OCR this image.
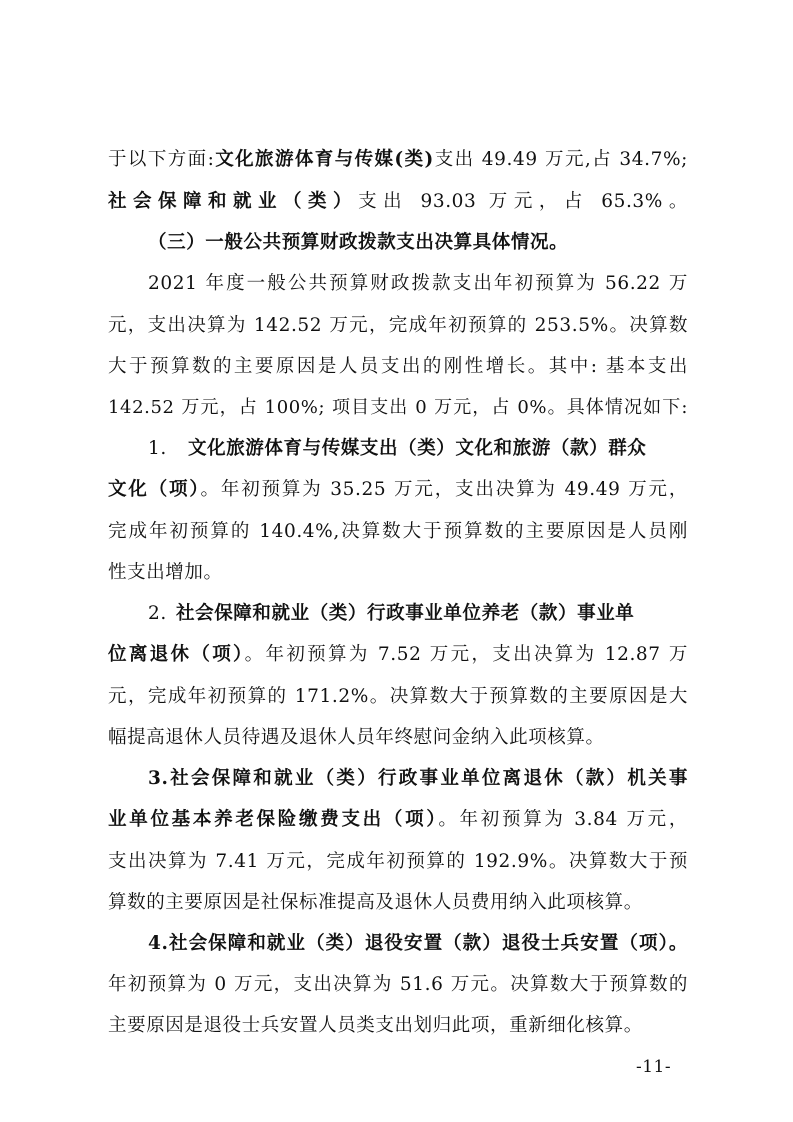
于以下方面:文化旅游体育与传媒(类)支出 49.49 万元,占 34.7%;
社会保障和就业（类）支出 93.03 万元，占 65.3%。
（三）一般公共预算财政拨款支出决算具体情况。
2021 年度一般公共预算财政拨款支出年初预算为 56.22 万
元，支出决算为 142.52 万元，完成年初预算的 253.5%。决算数
大于预算数的主要原因是人员支出的刚性增长。其中: 基本支出
142.52 万元，占 100%; 项目支出 0 万元，占 0%。具体情况如下:
1. 文化旅游体育与传媒支出（类）文化和旅游（款）群众
文化（项）。年初预算为 35.25 万元，支出决算为 49.49 万元，
完成年初预算的 140.4%,决算数大于预算数的主要原因是人员刚
性支出增加。
2. 社会保障和就业（类）行政事业单位养老（款）事业单
位离退休（项）。年初预算为 7.52 万元，支出决算为 12.87 万
元，完成年初预算的 171.2%。决算数大于预算数的主要原因是大
幅提高退休人员待遇及退休人员年终慰问金纳入此项核算。
3.社会保障和就业（类）行政事业单位离退休（款）机关事
业单位基本养老保险缴费支出（项）。年初预算为 3.84 万元，
支出决算为 7.41 万元，完成年初预算的 192.9%。决算数大于预
算数的主要原因是社保标准提高及退休人员费用纳入此项核算。
4.社会保障和就业（类）退役安置（款）退役士兵安置（项）。
年初预算为 0 万元，支出决算为 51.6 万元。决算数大于预算数的
主要原因是退役士兵安置人员类支出划归此项，重新细化核算。
-11-
